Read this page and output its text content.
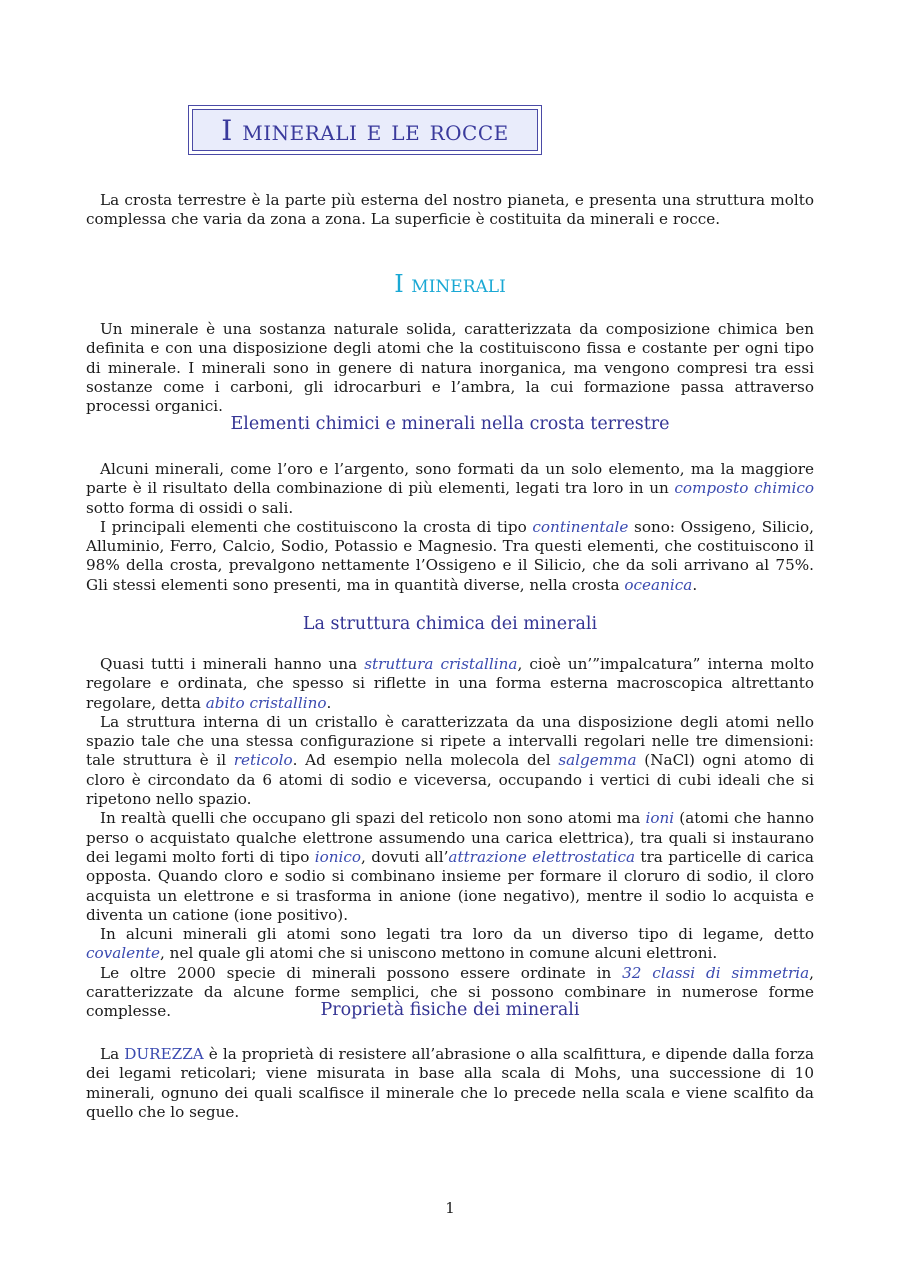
I minerali e le rocce

La crosta terrestre è la parte più esterna del nostro pianeta, e presenta una struttura molto complessa che varia da zona a zona. La superficie è costituita da minerali e rocce.

I minerali

Un minerale è una sostanza naturale solida, caratterizzata da composizione chimica ben definita e con una disposizione degli atomi che la costituiscono fissa e costante per ogni tipo di minerale. I minerali sono in genere di natura inorganica, ma vengono compresi tra essi sostanze come i carboni, gli idrocarburi e l’ambra, la cui formazione passa attraverso processi organici.

Elementi chimici e minerali nella crosta terrestre

Alcuni minerali, come l’oro e l’argento, sono formati da un solo elemento, ma la maggiore parte è il risultato della combinazione di più elementi, legati tra loro in un composto chimico sotto forma di ossidi o sali.

I principali elementi che costituiscono la crosta di tipo continentale sono: Ossigeno, Silicio, Alluminio, Ferro, Calcio, Sodio, Potassio e Magnesio. Tra questi elementi, che costituiscono il 98% della crosta, prevalgono nettamente l’Ossigeno e il Silicio, che da soli arrivano al 75%. Gli stessi elementi sono presenti, ma in quantità diverse, nella crosta oceanica.

La struttura chimica dei minerali

Quasi tutti i minerali hanno una struttura cristallina, cioè un’”impalcatura” interna molto regolare e ordinata, che spesso si riflette in una forma esterna macroscopica altrettanto regolare, detta abito cristallino.

La struttura interna di un cristallo è caratterizzata da una disposizione degli atomi nello spazio tale che una stessa configurazione si ripete a intervalli regolari nelle tre dimensioni: tale struttura è il reticolo. Ad esempio nella molecola del salgemma (NaCl) ogni atomo di cloro è circondato da 6 atomi di sodio e viceversa, occupando i vertici di cubi ideali che si ripetono nello spazio.

In realtà quelli che occupano gli spazi del reticolo non sono atomi ma ioni (atomi che hanno perso o acquistato qualche elettrone assumendo una carica elettrica), tra quali si instaurano dei legami molto forti di tipo ionico, dovuti all’attrazione elettrostatica tra particelle di carica opposta. Quando cloro e sodio si combinano insieme per formare il cloruro di sodio, il cloro acquista un elettrone e si trasforma in anione (ione negativo), mentre il sodio lo acquista e diventa un catione (ione positivo).

In alcuni minerali gli atomi sono legati tra loro da un diverso tipo di legame, detto covalente, nel quale gli atomi che si uniscono mettono in comune alcuni elettroni.

Le oltre 2000 specie di minerali possono essere ordinate in 32 classi di simmetria, caratterizzate da alcune forme semplici, che si possono combinare in numerose forme complesse.	Proprietà fisiche dei minerali

La DUREZZA è la proprietà di resistere all’abrasione o alla scalfittura, e dipende dalla forza dei legami reticolari; viene misurata in base alla scala di Mohs, una successione di 10 minerali, ognuno dei quali scalfisce il minerale che lo precede nella scala e viene scalfito da quello che lo segue.

1
